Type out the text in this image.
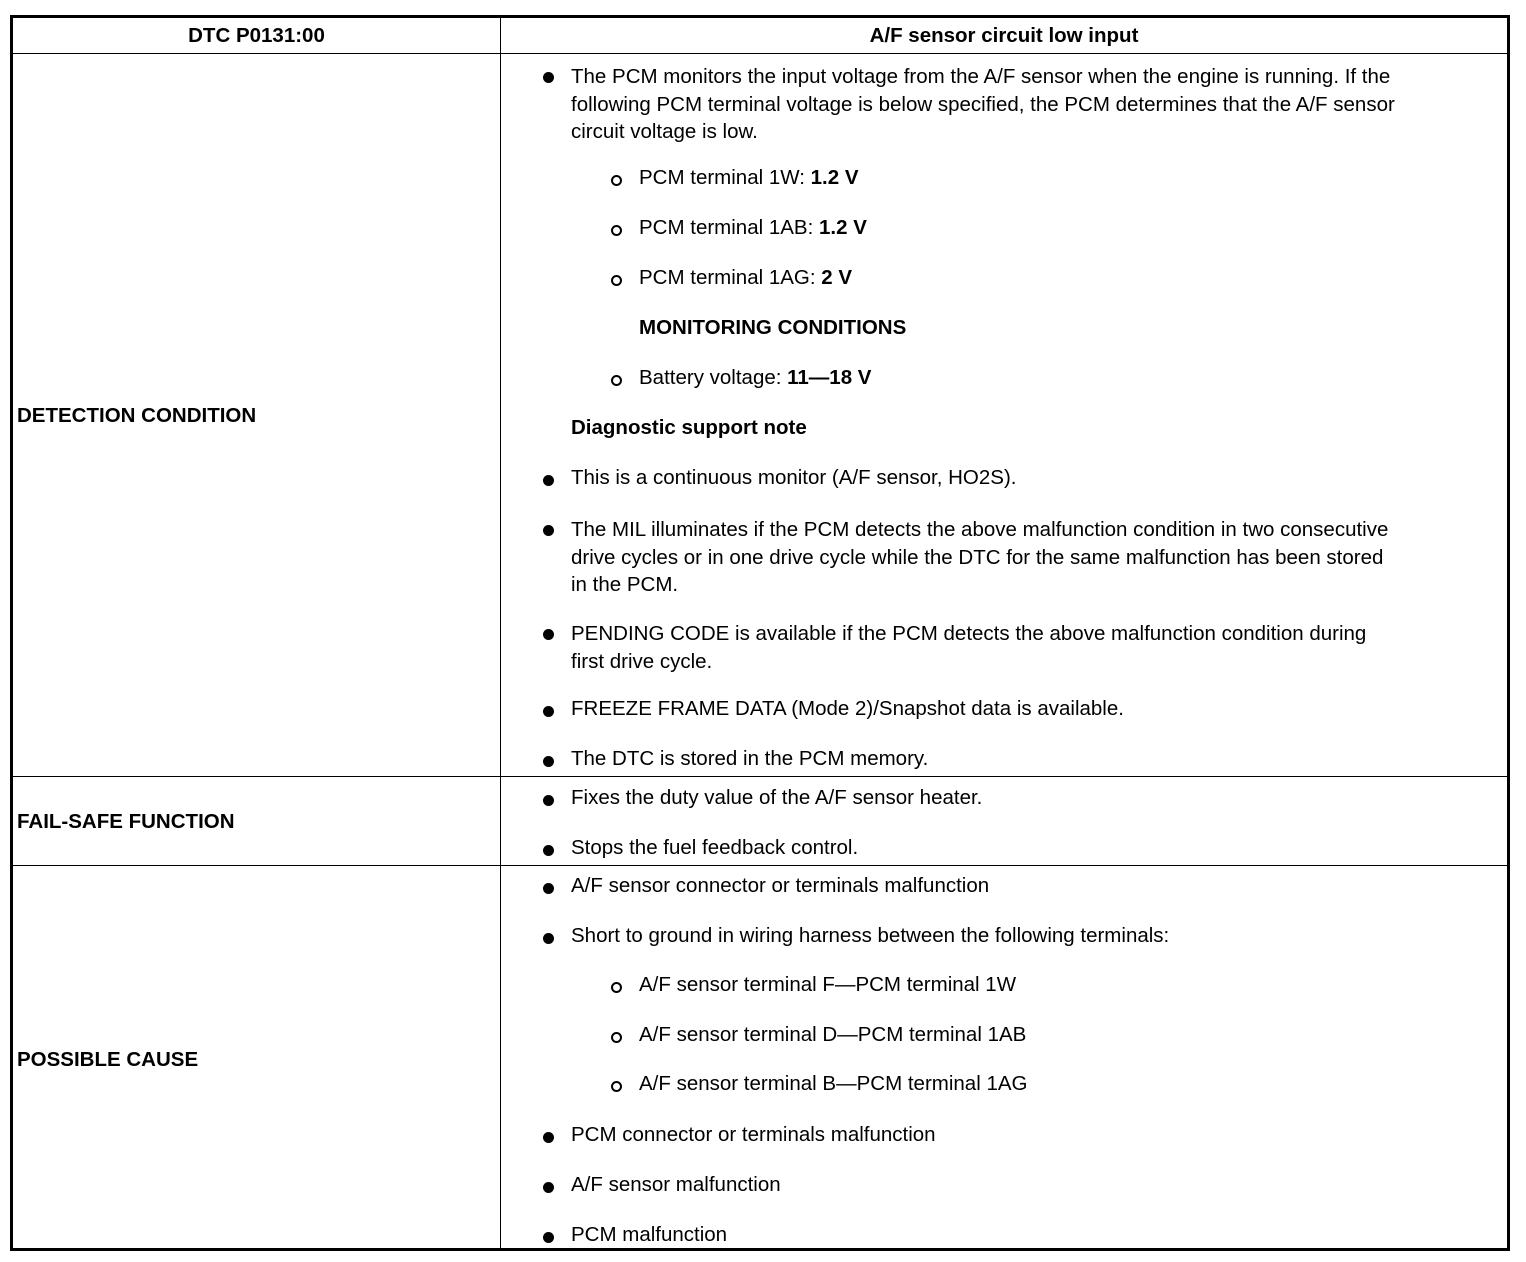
DTC P0131:00	A/F sensor circuit low input
DETECTION CONDITION
The PCM monitors the input voltage from the A/F sensor when the engine is running. If the
following PCM terminal voltage is below specified, the PCM determines that the A/F sensor
circuit voltage is low.
PCM terminal 1W: 1.2 V
PCM terminal 1AB: 1.2 V
PCM terminal 1AG: 2 V
MONITORING CONDITIONS
Battery voltage: 11—18 V
Diagnostic support note
This is a continuous monitor (A/F sensor, HO2S).
The MIL illuminates if the PCM detects the above malfunction condition in two consecutive
drive cycles or in one drive cycle while the DTC for the same malfunction has been stored
in the PCM.
PENDING CODE is available if the PCM detects the above malfunction condition during
first drive cycle.
FREEZE FRAME DATA (Mode 2)/Snapshot data is available.
The DTC is stored in the PCM memory.
FAIL-SAFE FUNCTION
Fixes the duty value of the A/F sensor heater.
Stops the fuel feedback control.
POSSIBLE CAUSE
A/F sensor connector or terminals malfunction
Short to ground in wiring harness between the following terminals:
A/F sensor terminal F—PCM terminal 1W
A/F sensor terminal D—PCM terminal 1AB
A/F sensor terminal B—PCM terminal 1AG
PCM connector or terminals malfunction
A/F sensor malfunction
PCM malfunction
